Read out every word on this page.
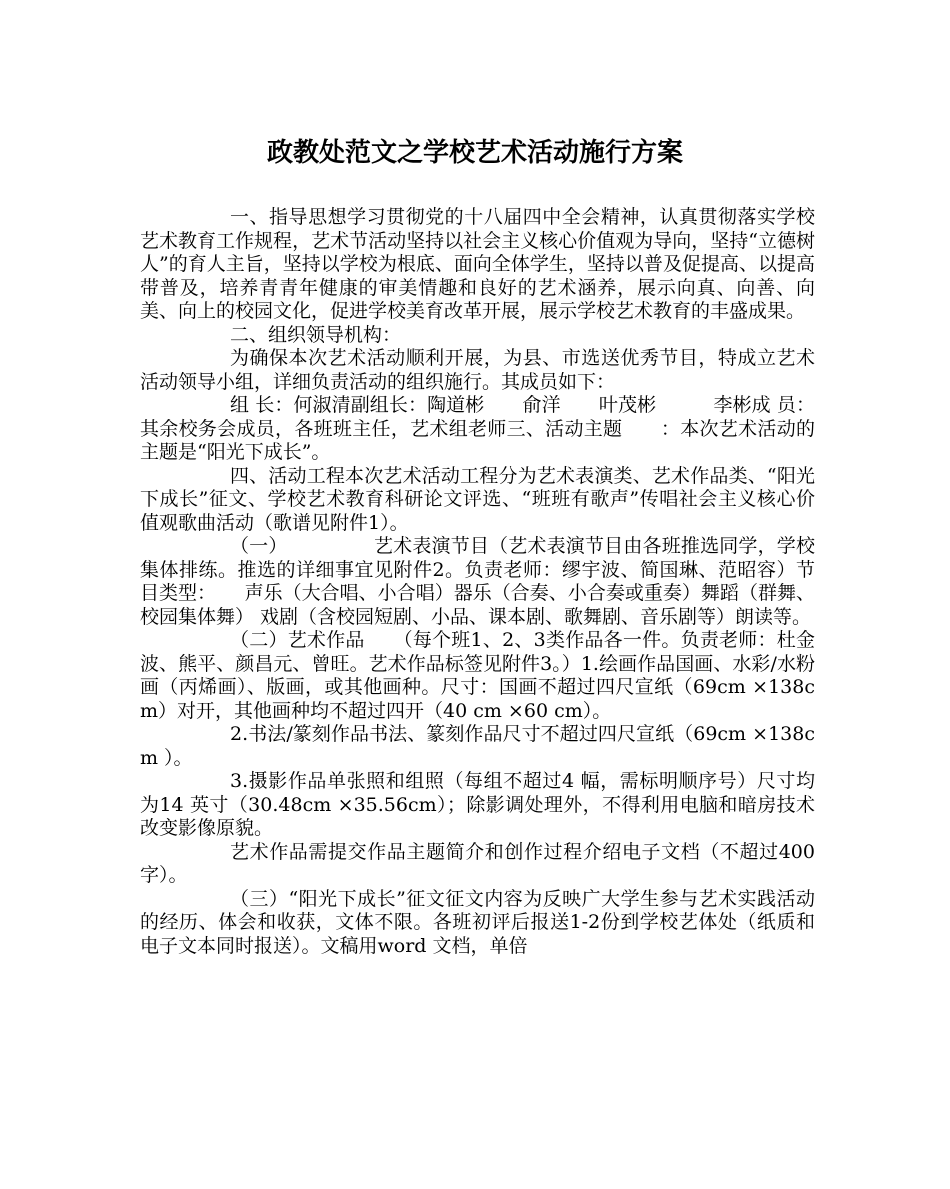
政教处范文之学校艺术活动施行方案

一、指导思想学习贯彻党的十八届四中全会精神，认真贯彻落实学校艺术教育工作规程，艺术节活动坚持以社会主义核心价值观为导向，坚持“立德树人”的育人主旨，坚持以学校为根底、面向全体学生，坚持以普及促提高、以提高带普及，培养青青年健康的审美情趣和良好的艺术涵养，展示向真、向善、向美、向上的校园文化，促进学校美育改革开展，展示学校艺术教育的丰盛成果。

二、组织领导机构：

为确保本次艺术活动顺利开展，为县、市选送优秀节目，特成立艺术活动领导小组，详细负责活动的组织施行。其成员如下：

组 长：何淑清副组长：陶道彬　　俞洋　　叶茂彬　　　李彬成 员：其余校务会成员，各班班主任，艺术组老师三、活动主题　　：本次艺术活动的主题是“阳光下成长”。

四、活动工程本次艺术活动工程分为艺术表演类、艺术作品类、“阳光下成长”征文、学校艺术教育科研论文评选、“班班有歌声”传唱社会主义核心价值观歌曲活动（歌谱见附件1）。

（一）　　　　　艺术表演节目（艺术表演节目由各班推选同学，学校集体排练。推选的详细事宜见附件2。负责老师：缪宇波、简国琳、范昭容）节目类型：　　声乐（大合唱、小合唱）器乐（合奏、小合奏或重奏）舞蹈（群舞、校园集体舞） 戏剧（含校园短剧、小品、课本剧、歌舞剧、音乐剧等）朗读等。

（二）艺术作品　　（每个班1、2、3类作品各一件。负责老师：杜金波、熊平、颜昌元、曾旺。艺术作品标签见附件3。）1.绘画作品国画、水彩/水粉画（丙烯画）、版画，或其他画种。尺寸：国画不超过四尺宣纸（69cm ×138cm）对开，其他画种均不超过四开（40 cm ×60 cm）。

2.书法/篆刻作品书法、篆刻作品尺寸不超过四尺宣纸（69cm ×138cm ）。

3.摄影作品单张照和组照（每组不超过4 幅，需标明顺序号）尺寸均为14 英寸（30.48cm ×35.56cm）；除影调处理外，不得利用电脑和暗房技术改变影像原貌。

艺术作品需提交作品主题简介和创作过程介绍电子文档（不超过400字）。

（三）“阳光下成长”征文征文内容为反映广大学生参与艺术实践活动的经历、体会和收获，文体不限。各班初评后报送1-2份到学校艺体处（纸质和电子文本同时报送）。文稿用word 文档，单倍
